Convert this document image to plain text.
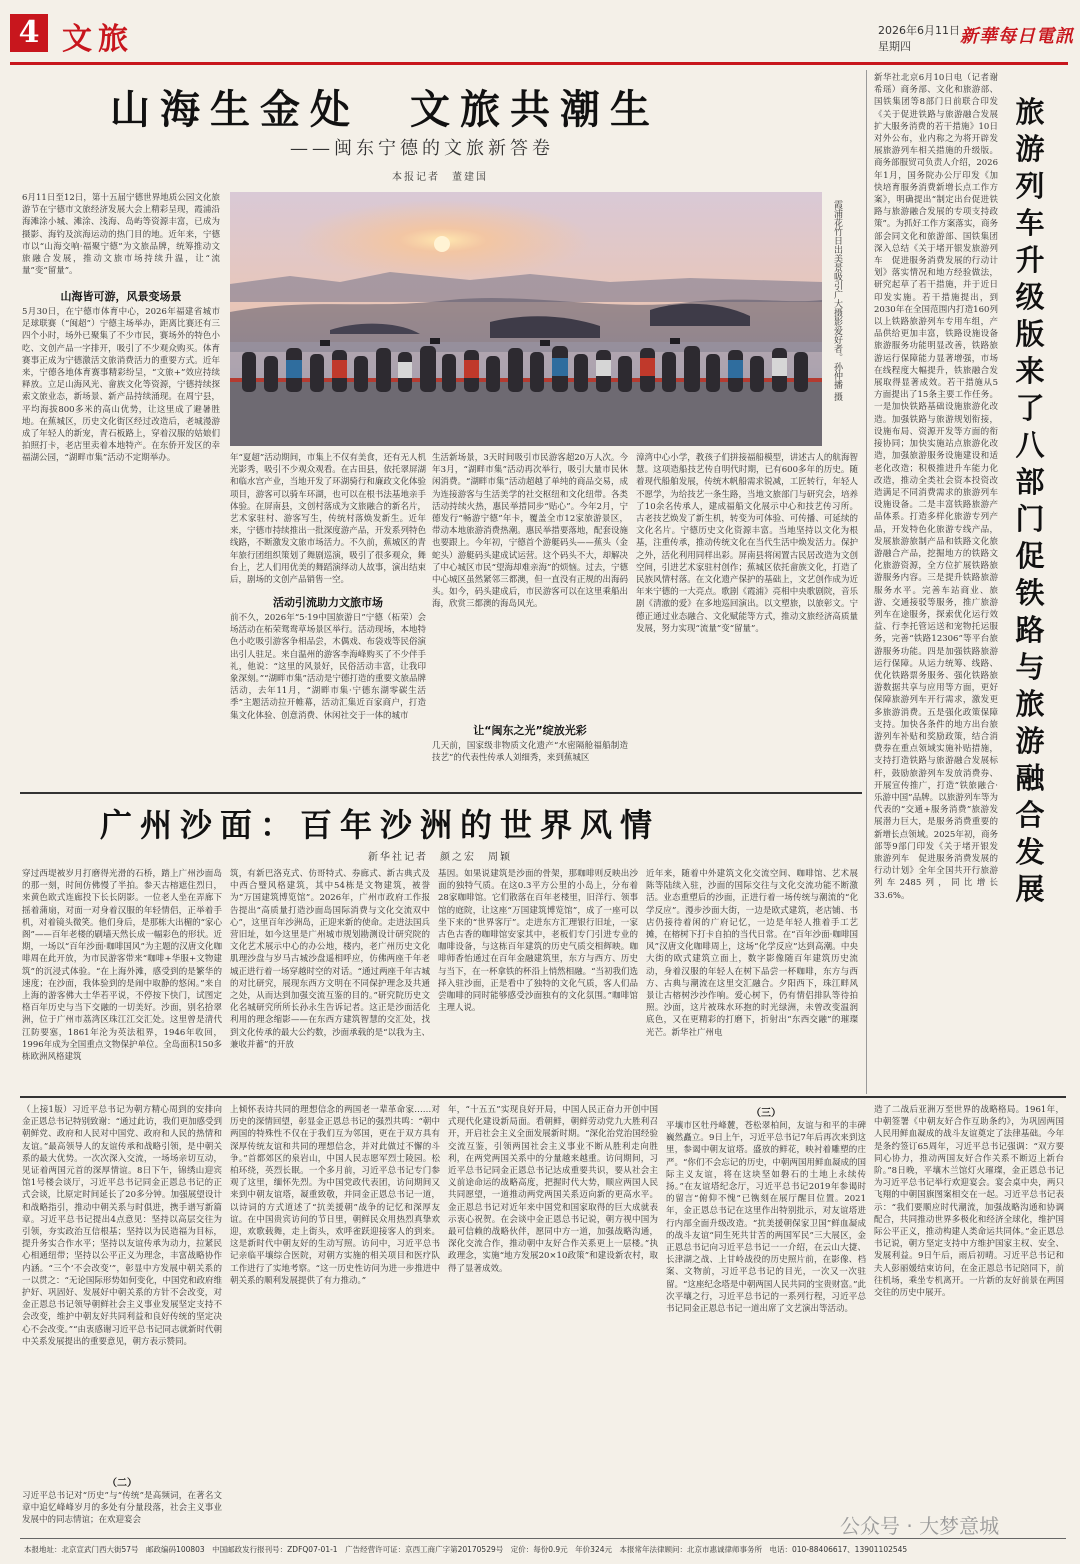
4 文旅	2026年6月11日
星期四	新華每日電訊
山海生金处　文旅共潮生
——闽东宁德的文旅新答卷
本报记者　董建国
霞浦花竹日出美景吸引广大摄影爱好者。孙仲播 摄
6月11日至12日，第十五届宁德世界地质公园文化旅游节在宁德市文旅经济发展大会上精彩呈现，霞浦沿海滩涂小城、滩涂、浅海、岛屿等资源丰富，已成为摄影、海钓及滨海运动的热门目的地。近年来，宁德市以“山海交响·福聚宁德”为文旅品牌，统筹推动文旅融合发展，推动文旅市场持续升温，让“流量”变“留量”。
山海皆可游，风景变场景
5月30日，在宁德市体育中心，2026年福建省城市足球联赛（“闽超”）宁德主场举办，距离比赛还有三四个小时，场外已聚集了不少市民，赛场外的特色小吃、文创产品一字排开，吸引了不少观众购买。体育赛事正成为宁德激活文旅消费活力的重要方式。近年来，宁德各地体育赛事精彩纷呈，“文旅+”效应持续释放。立足山海风光、畲族文化等资源，宁德持续探索文旅业态，新场景、新产品持续涌现。在周宁县，平均海拔800多米的高山优势，让这里成了避暑胜地。在蕉城区，历史文化街区经过改造后，老城漫游成了年轻人的新宠，青石板路上，穿着汉服的姑娘们拍照打卡，老店里卖着本地特产。在东侨开发区的幸福湖公园，“湖畔市集”活动不定期举办。	年“夏超”活动期间，市集上不仅有美食，还有无人机光影秀，吸引不少观众观看。在古田县，依托翠屏湖和临水宫产业，当地开发了环湖骑行和廉政文化体验项目，游客可以骑车环湖，也可以在根书法基地亲手体验。在屏南县，文创村落成为文旅融合的新名片，艺术家驻村、游客写生，传统村落焕发新生。近年来，宁德市持续推出一批深度游产品，开发系列特色线路，不断激发文旅市场活力。不久前，蕉城区的青年旅行团组织策划了舞剧巡演，吸引了很多观众，舞台上，艺人们用优美的舞蹈演绎动人故事，演出结束后，剧场的文创产品销售一空。
活动引流助力文旅市场
前不久，2026年“5·19中国旅游日”宁德（柘荣）会场活动在柘荣鸳鸯草场景区举行。活动现场，本地特色小吃吸引游客争相品尝，木偶戏、布袋戏等民俗演出引人驻足。来自温州的游客李海峰购买了不少伴手礼，他说：“这里的风景好，民俗活动丰富，让我印象深刻。”“湖畔市集”活动是宁德打造的重要文旅品牌活动，去年11月，“湖畔市集·宁德东湖零碳生活季”主题活动拉开帷幕，活动汇集近百家商户，打造集文化体验、创意消费、休闲社交于一体的城市
生活新场景，3天时间吸引市民游客超20万人次。今年3月，“湖畔市集”活动再次举行，吸引大量市民休闲消费。“湖畔市集”活动超越了单纯的商品交易，成为连接游客与生活美学的社交枢纽和文化纽带。各类活动持续火热，惠民举措同步“贴心”。今年2月，宁德发行“畅游宁德”年卡，覆盖全市12家旅游景区，带动本地旅游消费热潮。惠民举措要落地，配套设施也要跟上。今年初，宁德首个游艇码头——蕉头（金蛇头）游艇码头建成试运营。这个码头不大，却解决了中心城区市民“望海却难亲海”的烦恼。过去，宁德中心城区虽然紧邻三都澳，但一直没有正规的出海码头。如今，码头建成后，市民游客可以在这里乘船出海，欣赏三都澳的海岛风光。
让“闽东之光”绽放光彩
几天前，国家级非物质文化遗产“水密隔舱福船制造技艺”的代表性传承人刘细秀，来到蕉城区
漳湾中心小学，教孩子们拼接福船模型，讲述古人的航海智慧。这项造船技艺传自明代时期，已有600多年的历史。随着现代船舶发展，传统木帆船需求锐减，工匠转行，年轻人不愿学，为给技艺一条生路，当地文旅部门与研究会，培养了10余名传承人，建成福船文化展示中心和技艺传习所。古老技艺焕发了新生机，转变为可体验、可传播、可延续的文化名片。宁德历史文化资源丰富。当地坚持以文化为根基，注重传承，推动传统文化在当代生活中焕发活力。保护之外，活化利用同样出彩。屏南县将闲置古民居改造为文创空间，引进艺术家驻村创作；蕉城区依托畲族文化，打造了民族风情村落。在文化遗产保护的基础上，文艺创作成为近年来宁德的一大亮点。歌剧《霞浦》亮相中央歌剧院，音乐剧《清澈的爱》在多地巡回演出。以文塑旅，以旅彰文。宁德正通过业态融合、文化赋能等方式，推动文旅经济高质量发展，努力实现“流量”变“留量”。
新华社北京6月10日电（记者谢希瑶）商务部、文化和旅游部、国铁集团等8部门日前联合印发《关于促进铁路与旅游融合发展　扩大服务消费的若干措施》10日对外公布，业内称之为将开辟发展旅游列车相关措施的升级版。商务部服贸司负责人介绍，2026年1月，国务院办公厅印发《加快培育服务消费新增长点工作方案》，明确提出“制定出台促进铁路与旅游融合发展的专项支持政策”。为抓好工作方案落实，商务部会同文化和旅游部、国铁集团深入总结《关于堵开银发旅游列车　促进服务消费发展的行动计划》落实情况和地方经验做法，研究起草了若干措施，并于近日印发实施。若干措施提出，到2030年在全国范围内打造160列以上铁路旅游列车专用车组，产品供给更加丰富，铁路设施设备旅游服务功能明显改善，铁路旅游运行保障能力显著增强，市场在线程度大幅提升，铁旅融合发展取得显著成效。若干措施从5方面提出了15条主要工作任务。一是加快铁路基础设施旅游化改造。加强铁路与旅游规划衔接，设施布局、资源开发等方面的衔接协同；加快实施站点旅游化改造，加强旅游服务设施建设和适老化改造；积极推进升车能力化改造，推动全类社会资本投资改造满足不同消费需求的旅游列车设施设备。二是丰富铁路旅游产品体系。打造多样化旅游专列产品，开发特色化旅游专线产品，发展旅游旅制产品和铁路文化旅游融合产品，挖掘地方的铁路文化旅游资源，全方位扩展铁路旅游服务内容。三是提升铁路旅游服务水平。完善车站商业、旅游、交通接驳等服务，推广旅游列车在途服务，探索优化运行效益、行李托管运送和宠物托运服务，完善“铁路12306”等平台旅游服务功能。四是加强铁路旅游运行保障。从运力统筹、线路、优化铁路票务服务、强化铁路旅游数据共享与应用等方面，更好保障旅游列车开行需求，激发更多旅游消费。五是强化政策保障支持。加快各条件的地方出台旅游列车补贴和奖励政策，结合消费券在重点领域实施补贴措施，支持打造铁路与旅游融合发展标杆，鼓励旅游列车发放消费券、开展宣传推广，打造“铁旅融合·乐游中国”品牌。以旅游列车等为代表的“交通+服务消费”旅游发展潜力巨大，是服务消费重要的新增长点领域。2025年初，商务部等9部门印发《关于堵开银发旅游列车　促进服务消费发展的行动计划》全年全国共开行旅游列车2485列，同比增长33.6%。
旅游列车升级版来了　八部门促铁路与旅游融合发展
广州沙面：百年沙洲的世界风情
新华社记者　颜之宏　周颖
穿过西堤被岁月打磨得光滑的石桥，踏上广州沙面岛的那一刻，时间仿佛慢了半拍。参天古榕遮住烈日，来黄色欧式连廊投下长长阴影。一位老人坐在弄廊下摇着蒲扇，对面一对身着汉服的年轻情侣，正举着手机，对着镜头微笑。他们身后，是那栋大出楣的“家心阁”——百年老楼的刷墙天然长成一幅彩色的形状。近期，一场以“百年沙面·咖啡国风”为主题的汉唐文化咖啡周在此开放，为市民游客带来“咖啡+华服+文物建筑”的沉浸式体验。“在上海外滩，感受到的是繁华的速度；在沙面，我体验到的是闹中取静的悠闲。”来自上海的游客佛大士华若平说，不停按下快门，试图定格百年历史与当下交融的一切美好。沙面，别名拾翠洲，位于广州市荔湾区珠江江交汇处。这里曾是清代江防要塞，1861年沦为英法租界，1946年收回，1996年成为全国重点文物保护单位。全岛面积150多栋欧洲风格建筑
筑，有新巴洛克式、仿哥特式、券廊式、新古典式及中西合璧风格建筑，其中54栋是文物建筑，被誉为“万国建筑博览馆”。2026年，广州市政府工作报告提出“高质量打造沙面岛国际消费与文化交流双中心”，这里百年沙洲岛，正迎来新的使命。走进法国兵营旧址，如今这里是广州城市规划勘测设计研究院的文化艺术展示中心的办公地，楼内，老广州历史文化肌理沙盘与岁马古城沙盘遥相呼应，仿佛两座千年老城正进行着一场穿越时空的对话。“通过两座千年古城的对比研究，展现东西方文明在不同保护理念及共通之处，从而达到加强交流互鉴的目的。”研究院历史文化名城研究所所长孙永生告诉记者。这正是沙面活化利用的理念缩影——在东西方建筑智慧的交汇处，找到文化传承的最大公约数，沙面承载的是“以我为主、兼收并蓄”的开放
基因。如果说建筑是沙面的骨架，那咖啡则反映出沙面的独特气质。在这0.3平方公里的小岛上，分布着28家咖啡馆。它们散落在百年老楼里，旧洋行、领事馆的庭院，让这座“万国建筑博览馆”，成了一座可以坐下来的“世界客厅”。走进东方汇理银行旧址，一家古色古香的咖啡馆安家其中，老板们专门引进专业的咖啡设备，与这栋百年建筑的历史气质交相辉映。咖啡师香怡通过在百年金融建筑里，东方与西方、历史与当下，在一杯拿铁的杯沿上悄然相融。“当初我们选择入驻沙面，正是看中了独特的文化气质，客人们品尝咖啡的同时能够感受沙面独有的文化氛围。”咖啡馆主理人说。
近年来，随着中外建筑文化交流空间、咖啡馆、艺术展陈等陆续入驻，沙面的国际交往与文化交流功能不断激活。业态重塑后的沙面，正进行着一场传统与潮流的“化学反应”。漫步沙面大街，一边是欧式建筑，老店铺、书店仍接待着闲的广府记忆，一边是年轻人推着手工艺摊，在榕树下打卡自拍的当代日常。在“百年沙面·咖啡国风”汉唐文化咖啡周上，这场“化学反应”达到高潮。中央大街的欧式建筑立面上，数字影像随百年建筑历史流动，身着汉服的年轻人在树下品尝一杯咖啡，东方与西方、古典与潮流在这里交汇融合。夕阳西下，珠江畔风景让古榕树沙沙作响。爱心树下，仍有情侣排队等待拍照。沙面，这片被珠水环抱的时光绿洲，未曾改变温润底色，又在更精彩的打磨下，折射出“东西交融”的璀璨光芒。新华社广州电
（上接1版）习近平总书记为朝方精心周到的安排向金正恩总书记特别致谢：“通过此访，我们更加感受到朝鲜党、政府和人民对中国党、政府和人民的热情和友谊。”最高领导人的友谊传承和战略引领，是中朝关系的最大优势。一次次深入交流，一场场亲切互动，见证着两国元首的深厚情谊。8日下午，锦绣山迎宾馆1号楼会谈厅，习近平总书记同金正恩总书记的正式会谈，比原定时间延长了20多分钟。加强展望设计和战略指引，推动中朝关系与时俱进，携手谱写新篇章。习近平总书记提出4点意见：坚持以高层交往为引领，夯实政治互信根基；坚持以为民造福为目标，提升务实合作水平；坚持以友谊传承为动力，拉紧民心相通纽带；坚持以公平正义为理念，丰富战略协作内涵。“三个‘不会改变’”，彰显中方发展中朝关系的一以贯之：“无论国际形势如何变化，中国党和政府维护好、巩固好、发展好中朝关系的方针不会改变，对金正恩总书记领导朝鲜社会主义事业发展坚定支持不会改变，维护中朝友好共同利益和良好传统的坚定决心不会改变。”“由衷感谢习近平总书记同志就新时代朝中关系发展提出的重要意见，朝方表示赞同。
（二）
习近平总书记对“历史”与“传统”是高频词，在著名文章中追忆峰峰岁月的多处有分量段落，社会主义事业发展中的同志情谊；在欢迎宴会
上倾怀表诗共同的理想信念的两国老一辈革命家……对历史的深情回望，彰显金正恩总书记的强烈共鸣：“朝中两国的特殊性不仅在于我们互为邻国，更在于双方具有深厚传统友谊和共同的理想信念，并对此做过不懈的斗争。”首都郊区的泉岩山，中国人民志愿军烈士陵园。松柏环绕，英烈长眠。一个多月前，习近平总书记专门参观了这里，缅怀先烈。为中国党政代表团，访问期间又来到中朝友谊塔，凝重致敬，并同金正恩总书记一道，以诗词的方式道述了“抗美援朝”战争的记忆和深厚友谊。在中国贵宾访问的节日里，朝鲜民众用热烈真挚欢迎，欢歌载舞，走上街头，欢呼雀跃迎接客人的到来。这是新时代中朝友好的生动写照。访问中，习近平总书记亲临平壤综合医院，对朝方实施的相关项目和医疗队工作进行了实地考察。“这一历史性访问为进一步推进中朝关系的顺利发展提供了有力推动。”
年，“十五五”实现良好开局，中国人民正奋力开创中国式现代化建设新局面。看朝鲜，朝鲜劳动党九大胜利召开，开启社会主义全面发展新时期。“深化治党治国经验交流互鉴，引领两国社会主义事业不断从胜利走向胜利，在两党两国关系中的分量越来越重。访问期间，习近平总书记同金正恩总书记达成重要共识，要从社会主义前途命运的战略高度，把握时代大势，顺应两国人民共同愿望，一道推动两党两国关系迈向新的更高水平。金正恩总书记对近年来中国党和国家取得的巨大成就表示衷心祝贺。在会谈中金正恩总书记说，朝方视中国为最可信赖的战略伙伴，愿同中方一道，加强战略沟通，深化交流合作，推动朝中友好合作关系更上一层楼。”执政理念，实施“地方发展20×10政策”和建设新农村，取得了显著成效。
（三）
平壤市区牡丹峰麓，苍松翠柏间，友谊与和平的丰碑巍然矗立。9日上午，习近平总书记7年后再次来到这里，参谒中朝友谊塔。盛放的鲜花，映衬着雕塑的庄严。“你们不会忘记的历史，中朝两国用鲜血凝成的国际主义友谊，将在这块坚如磐石的土地上永续传扬。”在友谊塔纪念厅，习近平总书记2019年参谒时的留言“俯仰不愧”已镌刻在展厅醒目位置。2021年，金正恩总书记在这里作出特别批示，对友谊塔进行内部全面升级改造。“抗美援朝保家卫国”鲜血凝成的战斗友谊“同生死共甘苦的两国军民”三大展区，金正恩总书记向习近平总书记一一介绍，在云山大捷、长津湖之战、上甘岭战役的历史照片前，在影像、档案、文物前，习近平总书记的目光，一次又一次驻留。“这座纪念塔是中朝两国人民共同的宝贵财富。”此次平壤之行，习近平总书记的一系列行程，习近平总书记同金正恩总书记一道出席了文艺演出等活动。
造了二战后亚洲万至世界的战略格局。1961年，中朝签署《中朝友好合作互助条约》，为巩固两国人民用鲜血凝成的战斗友谊奠定了法律基础。今年是条约签订65周年，习近平总书记强调：“双方要同心协力，推动两国友好合作关系不断迈上新台阶。”8日晚，平壤木兰馆灯火璀璨，金正恩总书记为习近平总书记举行欢迎宴会。宴会桌中央，两只飞翔的中朝国旗图案相交在一起。习近平总书记表示：“我们要顺应时代潮流，加强战略沟通和协调配合，共同推动世界多极化和经济全球化，维护国际公平正义，推动构建人类命运共同体。”金正恩总书记说，朝方坚定支持中方维护国家主权、安全、发展利益。9日午后，雨后初晴。习近平总书记和夫人彭丽媛结束访问，在金正恩总书记陪同下，前往机场，乘坐专机离开。一片新的友好前景在两国交往的历史中展开。
公众号 · 大梦意城
本报地址：北京宣武门西大街57号　邮政编码100803　中国邮政发行报刊号：ZDFQ07-01-1　广告经营许可证：京西工商广字第20170529号　定价：每份0.9元　年价324元　本报常年法律顾问：北京市惠诚律师事务所　电话：010-88406617、13901102545
